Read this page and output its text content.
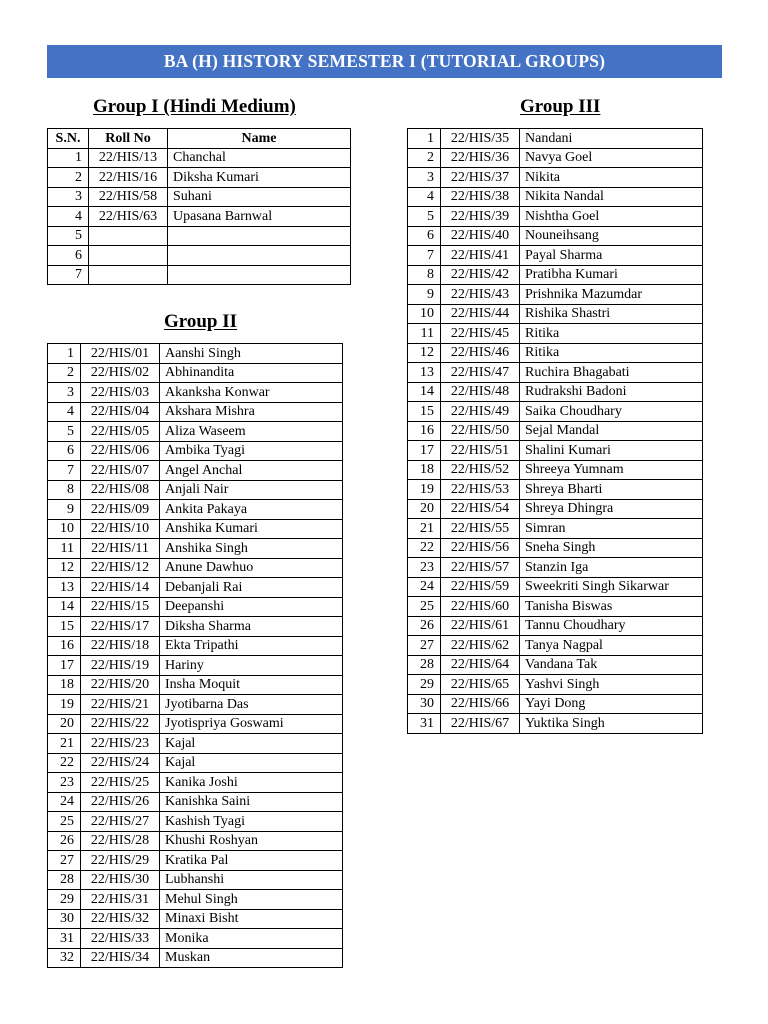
BA (H) HISTORY SEMESTER I (TUTORIAL GROUPS)
Group I (Hindi Medium)
S.N.	Roll No	Name
1	22/HIS/13	Chanchal
2	22/HIS/16	Diksha Kumari
3	22/HIS/58	Suhani
4	22/HIS/63	Upasana Barnwal
5		
6		
7		
Group II
1	22/HIS/01	Aanshi Singh
2	22/HIS/02	Abhinandita
3	22/HIS/03	Akanksha Konwar
4	22/HIS/04	Akshara Mishra
5	22/HIS/05	Aliza Waseem
6	22/HIS/06	Ambika Tyagi
7	22/HIS/07	Angel Anchal
8	22/HIS/08	Anjali Nair
9	22/HIS/09	Ankita Pakaya
10	22/HIS/10	Anshika Kumari
11	22/HIS/11	Anshika Singh
12	22/HIS/12	Anune Dawhuo
13	22/HIS/14	Debanjali Rai
14	22/HIS/15	Deepanshi
15	22/HIS/17	Diksha Sharma
16	22/HIS/18	Ekta Tripathi
17	22/HIS/19	Hariny
18	22/HIS/20	Insha Moquit
19	22/HIS/21	Jyotibarna Das
20	22/HIS/22	Jyotispriya Goswami
21	22/HIS/23	Kajal
22	22/HIS/24	Kajal
23	22/HIS/25	Kanika Joshi
24	22/HIS/26	Kanishka Saini
25	22/HIS/27	Kashish Tyagi
26	22/HIS/28	Khushi Roshyan
27	22/HIS/29	Kratika Pal
28	22/HIS/30	Lubhanshi
29	22/HIS/31	Mehul Singh
30	22/HIS/32	Minaxi Bisht
31	22/HIS/33	Monika
32	22/HIS/34	Muskan
Group III
1	22/HIS/35	Nandani
2	22/HIS/36	Navya Goel
3	22/HIS/37	Nikita
4	22/HIS/38	Nikita Nandal
5	22/HIS/39	Nishtha Goel
6	22/HIS/40	Nouneihsang
7	22/HIS/41	Payal Sharma
8	22/HIS/42	Pratibha Kumari
9	22/HIS/43	Prishnika Mazumdar
10	22/HIS/44	Rishika Shastri
11	22/HIS/45	Ritika
12	22/HIS/46	Ritika
13	22/HIS/47	Ruchira Bhagabati
14	22/HIS/48	Rudrakshi Badoni
15	22/HIS/49	Saika Choudhary
16	22/HIS/50	Sejal Mandal
17	22/HIS/51	Shalini Kumari
18	22/HIS/52	Shreeya Yumnam
19	22/HIS/53	Shreya Bharti
20	22/HIS/54	Shreya Dhingra
21	22/HIS/55	Simran
22	22/HIS/56	Sneha Singh
23	22/HIS/57	Stanzin Iga
24	22/HIS/59	Sweekriti Singh Sikarwar
25	22/HIS/60	Tanisha Biswas
26	22/HIS/61	Tannu Choudhary
27	22/HIS/62	Tanya Nagpal
28	22/HIS/64	Vandana Tak
29	22/HIS/65	Yashvi Singh
30	22/HIS/66	Yayi Dong
31	22/HIS/67	Yuktika Singh
